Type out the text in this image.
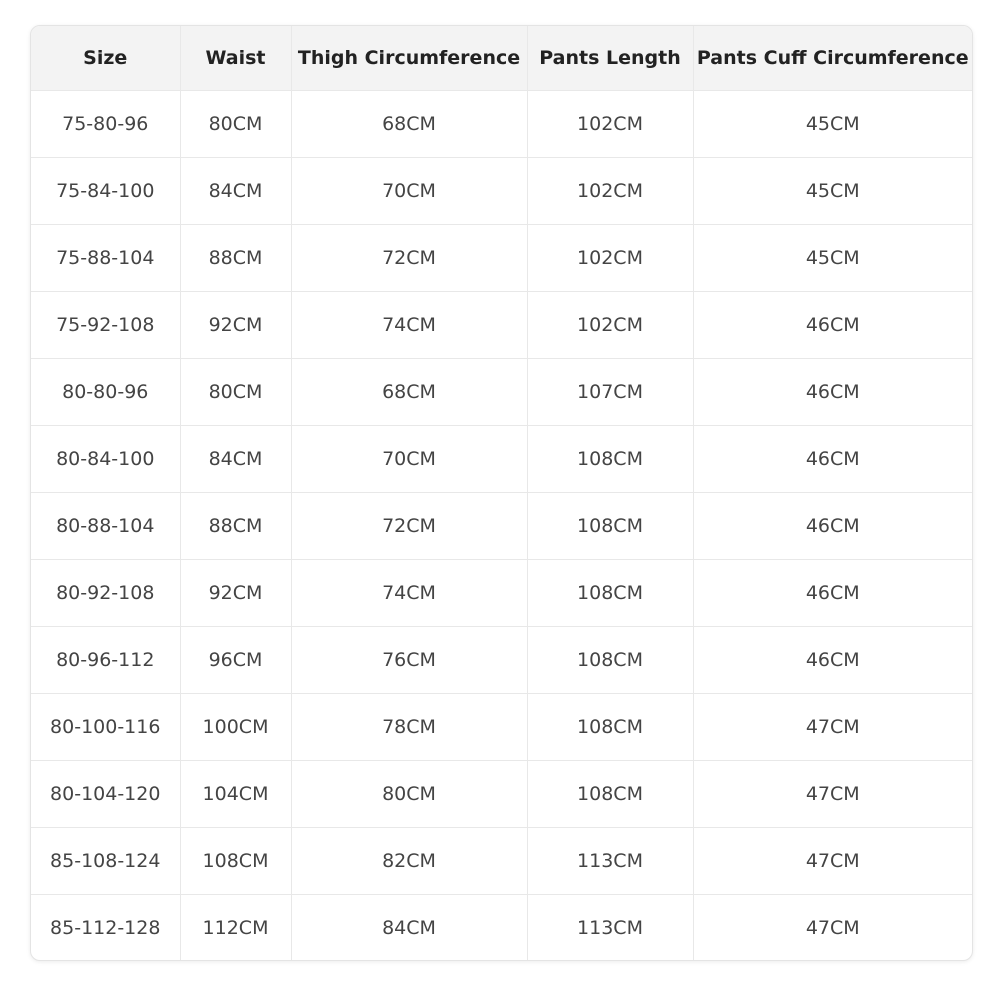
Size	Waist	Thigh Circumference	Pants Length	Pants Cuff Circumference
75-80-96	80CM	68CM	102CM	45CM
75-84-100	84CM	70CM	102CM	45CM
75-88-104	88CM	72CM	102CM	45CM
75-92-108	92CM	74CM	102CM	46CM
80-80-96	80CM	68CM	107CM	46CM
80-84-100	84CM	70CM	108CM	46CM
80-88-104	88CM	72CM	108CM	46CM
80-92-108	92CM	74CM	108CM	46CM
80-96-112	96CM	76CM	108CM	46CM
80-100-116	100CM	78CM	108CM	47CM
80-104-120	104CM	80CM	108CM	47CM
85-108-124	108CM	82CM	113CM	47CM
85-112-128	112CM	84CM	113CM	47CM
